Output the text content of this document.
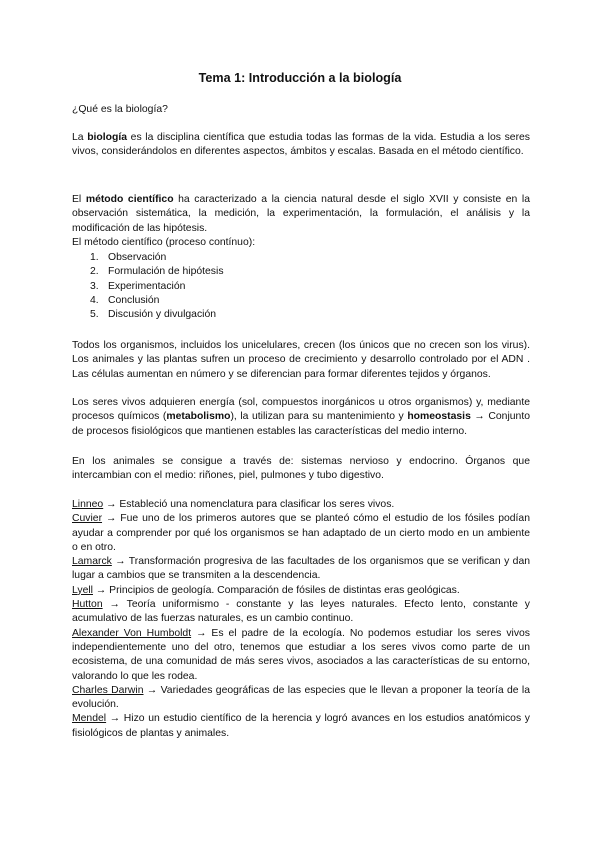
Tema 1: Introducción a la biología
¿Qué es la biología?

La biología es la disciplina científica que estudia todas las formas de la vida. Estudia a los seres vivos, considerándolos en diferentes aspectos, ámbitos y escalas. Basada en el método científico.

El método científico ha caracterizado a la ciencia natural desde el siglo XVII y consiste en la observación sistemática, la medición, la experimentación, la formulación, el análisis y la modificación de las hipótesis.

El método científico (proceso contínuo):
1. Observación
2. Formulación de hipótesis
3. Experimentación
4. Conclusión
5. Discusión y divulgación

Todos los organismos, incluidos los unicelulares, crecen (los únicos que no crecen son los virus). Los animales y las plantas sufren un proceso de crecimiento y desarrollo controlado por el ADN . Las células aumentan en número y se diferencian para formar diferentes tejidos y órganos.

Los seres vivos adquieren energía (sol, compuestos inorgánicos u otros organismos) y, mediante procesos químicos (metabolismo), la utilizan para su mantenimiento y homeostasis → Conjunto de procesos fisiológicos que mantienen estables las características del medio interno.

En los animales se consigue a través de: sistemas nervioso y endocrino. Órganos que intercambian con el medio: riñones, piel, pulmones y tubo digestivo.

Linneo → Estableció una nomenclatura para clasificar los seres vivos.

Cuvier → Fue uno de los primeros autores que se planteó cómo el estudio de los fósiles podían ayudar a comprender por qué los organismos se han adaptado de un cierto modo en un ambiente o en otro.

Lamarck → Transformación progresiva de las facultades de los organismos que se verifican y dan lugar a cambios que se transmiten a la descendencia.

Lyell → Principios de geología. Comparación de fósiles de distintas eras geológicas.

Hutton → Teoría uniformismo - constante y las leyes naturales. Efecto lento, constante y acumulativo de las fuerzas naturales, es un cambio continuo.

Alexander Von Humboldt → Es el padre de la ecología. No podemos estudiar los seres vivos independientemente uno del otro, tenemos que estudiar a los seres vivos como parte de un ecosistema, de una comunidad de más seres vivos, asociados a las características de su entorno, valorando lo que les rodea.

Charles Darwin → Variedades geográficas de las especies que le llevan a proponer la teoría de la evolución.

Mendel → Hizo un estudio científico de la herencia y logró avances en los estudios anatómicos y fisiológicos de plantas y animales.
